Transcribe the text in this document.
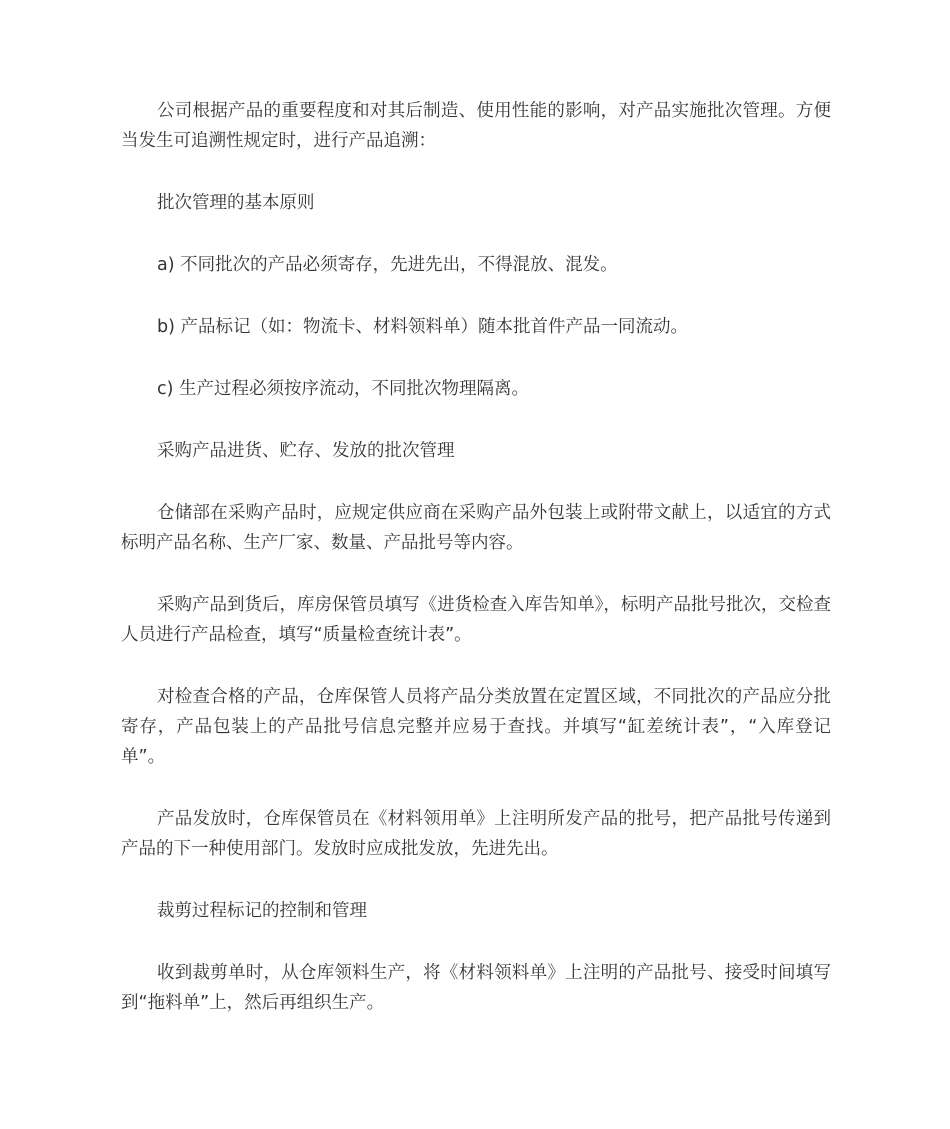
公司根据产品的重要程度和对其后制造、使用性能的影响，对产品实施批次管理。方便当发生可追溯性规定时，进行产品追溯：

批次管理的基本原则

a) 不同批次的产品必须寄存，先进先出，不得混放、混发。

b) 产品标记（如：物流卡、材料领料单）随本批首件产品一同流动。

c) 生产过程必须按序流动，不同批次物理隔离。

采购产品进货、贮存、发放的批次管理

仓储部在采购产品时，应规定供应商在采购产品外包装上或附带文献上，以适宜的方式标明产品名称、生产厂家、数量、产品批号等内容。

采购产品到货后，库房保管员填写《进货检查入库告知单》，标明产品批号批次，交检查人员进行产品检查，填写“质量检查统计表”。

对检查合格的产品，仓库保管人员将产品分类放置在定置区域，不同批次的产品应分批寄存，产品包装上的产品批号信息完整并应易于查找。并填写“缸差统计表”，“入库登记单”。

产品发放时，仓库保管员在《材料领用单》上注明所发产品的批号，把产品批号传递到产品的下一种使用部门。发放时应成批发放，先进先出。

裁剪过程标记的控制和管理

收到裁剪单时，从仓库领料生产，将《材料领料单》上注明的产品批号、接受时间填写到“拖料单”上，然后再组织生产。
